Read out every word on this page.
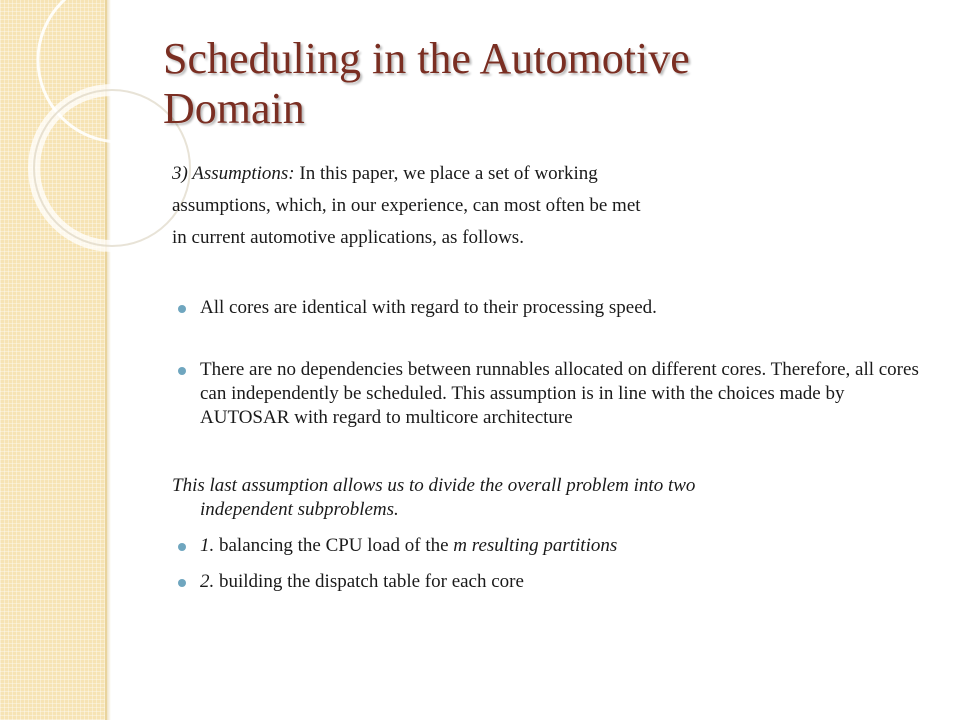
Scheduling in the Automotive
Domain

3) Assumptions: In this paper, we place a set of working
assumptions, which, in our experience, can most often be met
in current automotive applications, as follows.

All cores are identical with regard to their processing speed.

There are no dependencies between runnables allocated on different cores. Therefore, all cores can independently be scheduled. This assumption is in line with the choices made by AUTOSAR with regard to multicore architecture

This last assumption allows us to divide the overall problem into two
independent subproblems.

1. balancing the CPU load of the m resulting partitions

2. building the dispatch table for each core
